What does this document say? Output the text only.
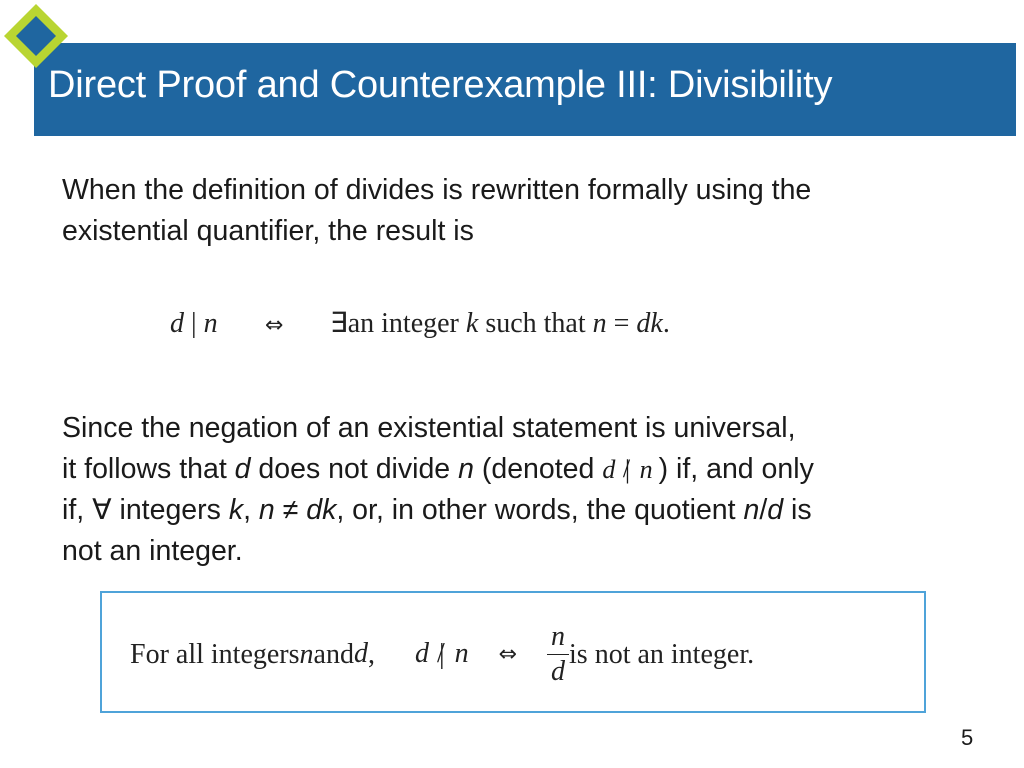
Direct Proof and Counterexample III: Divisibility
When the definition of divides is rewritten formally using the
existential quantifier, the result is
d | n ⇔ ∃an integer k such that n = dk.
Since the negation of an existential statement is universal,
it follows that d does not divide n (denoted d | / n ) if, and only
if, ∀ integers k, n ≠ dk, or, in other words, the quotient n/d is
not an integer.
For all integersnandd, d | / n ⇔ $\frac{n}{d}$ is not an integer.
5
